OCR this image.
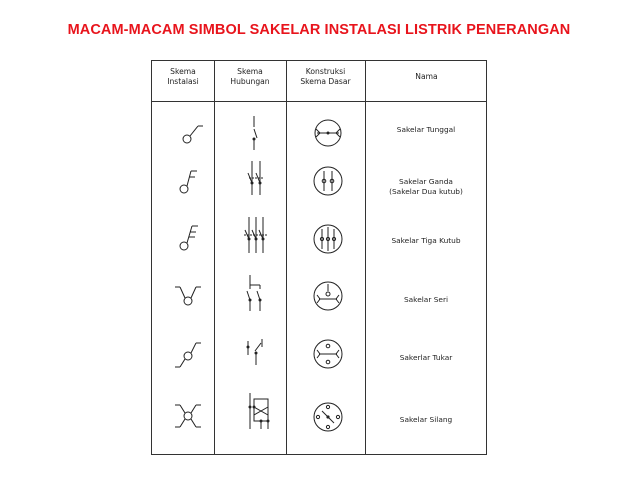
MACAM-MACAM SIMBOL SAKELAR INSTALASI LISTRIK PENERANGAN
Skema
Instalasi
Skema
Hubungan
Konstruksi
Skema Dasar
Nama
Sakelar Tunggal
Sakelar Ganda
(Sakelar Dua kutub)
Sakelar Tiga Kutub
Sakelar Seri
Sakerlar Tukar
Sakelar Silang
